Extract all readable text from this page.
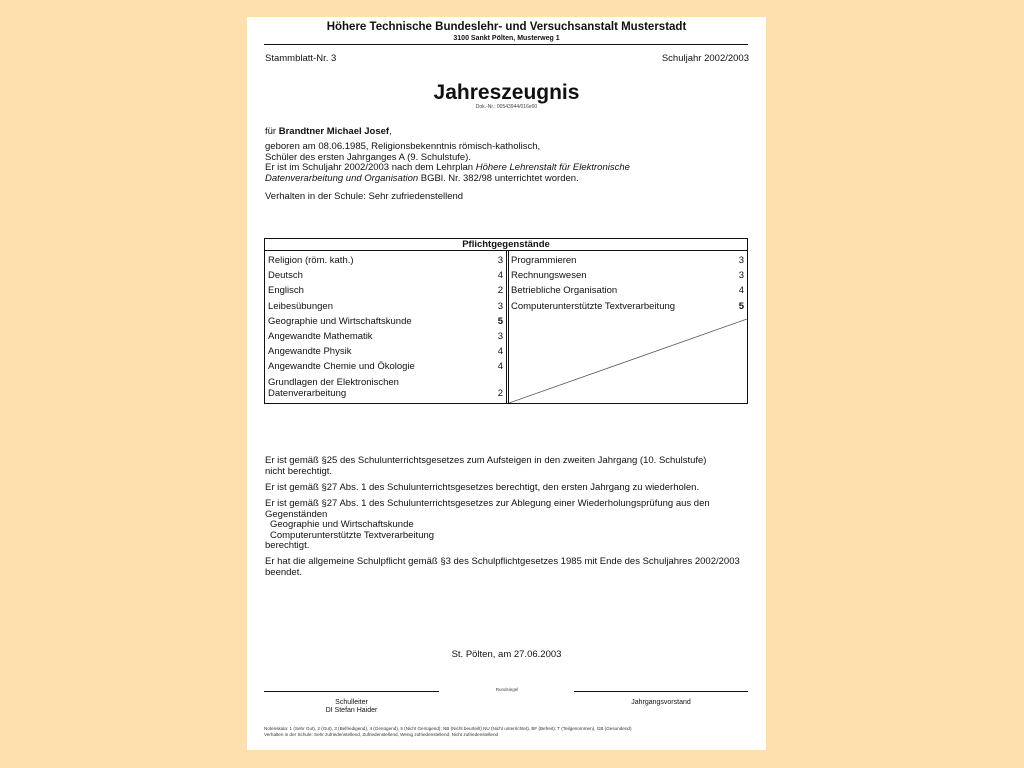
Höhere Technische Bundeslehr- und Versuchsanstalt Musterstadt
3100 Sankt Pölten, Musterweg 1
Stammblatt-Nr. 3	Schuljahr 2002/2003
Jahreszeugnis
Dok.-Nr.: 00543944/016e00
für Brandtner Michael Josef,
geboren am 08.06.1985, Religionsbekenntnis römisch-katholisch,
Schüler des ersten Jahrganges A (9. Schulstufe).
Er ist im Schuljahr 2002/2003 nach dem Lehrplan Höhere Lehrenstalt für Elektronische Datenverarbeitung und Organisation BGBl. Nr. 382/98 unterrichtet worden.
Verhalten in der Schule: Sehr zufriedenstellend
Pflichtgegenstände
Religion (röm. kath.)	3
Deutsch	4
Englisch	2
Leibesübungen	3
Geographie und Wirtschaftskunde	5
Angewandte Mathematik	3
Angewandte Physik	4
Angewandte Chemie und Ökologie	4
Grundlagen der Elektronischen Datenverarbeitung	2
Programmieren	3
Rechnungswesen	3
Betriebliche Organisation	4
Computerunterstützte Textverarbeitung	5
Er ist gemäß §25 des Schulunterrichtsgesetzes zum Aufsteigen in den zweiten Jahrgang (10. Schulstufe) nicht berechtigt.
Er ist gemäß §27 Abs. 1 des Schulunterrichtsgesetzes berechtigt, den ersten Jahrgang zu wiederholen.
Er ist gemäß §27 Abs. 1 des Schulunterrichtsgesetzes zur Ablegung einer Wiederholungsprüfung aus den Gegenständen
Geographie und Wirtschaftskunde
Computerunterstützte Textverarbeitung
berechtigt.
Er hat die allgemeine Schulpflicht gemäß §3 des Schulpflichtgesetzes 1985 mit Ende des Schuljahres 2002/2003 beendet.
St. Pölten, am 27.06.2003
Rundsiegel
Schulleiter
DI Stefan Haider
Jahrgangsvorstand
Notenskala: 1 (Sehr Gut), 2 (Gut), 3 (Befriedigend), 4 (Genügend), 5 (Nicht Genügend); NB (Nicht beurteilt) NU (Nicht unterrichtet), BF (Befreit), T (Teilgenommen), GB (Gesundend)
Verhalten in der Schule: Sehr zufriedenstellend, Zufriedenstellend, Wenig zufriedenstellend, Nicht zufriedenstellend
